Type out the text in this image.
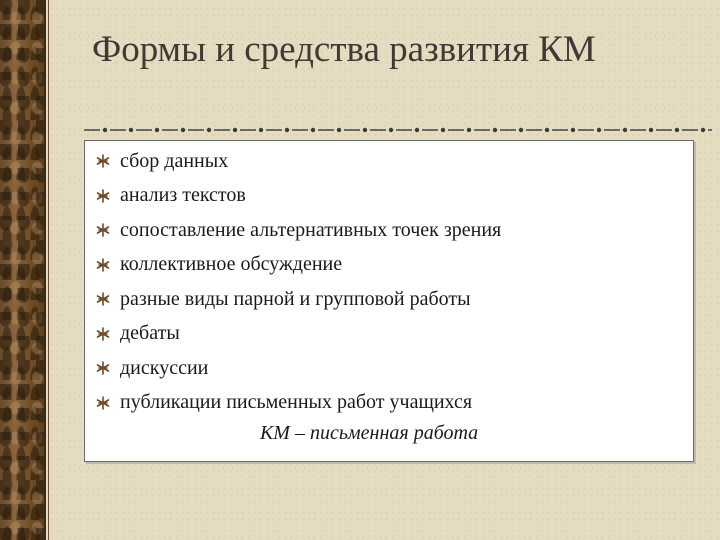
Формы и средства развития КМ
сбор данных
анализ текстов
сопоставление альтернативных точек зрения
коллективное обсуждение
разные виды парной и групповой работы
дебаты
дискуссии
публикации письменных работ учащихся
КМ – письменная работа
